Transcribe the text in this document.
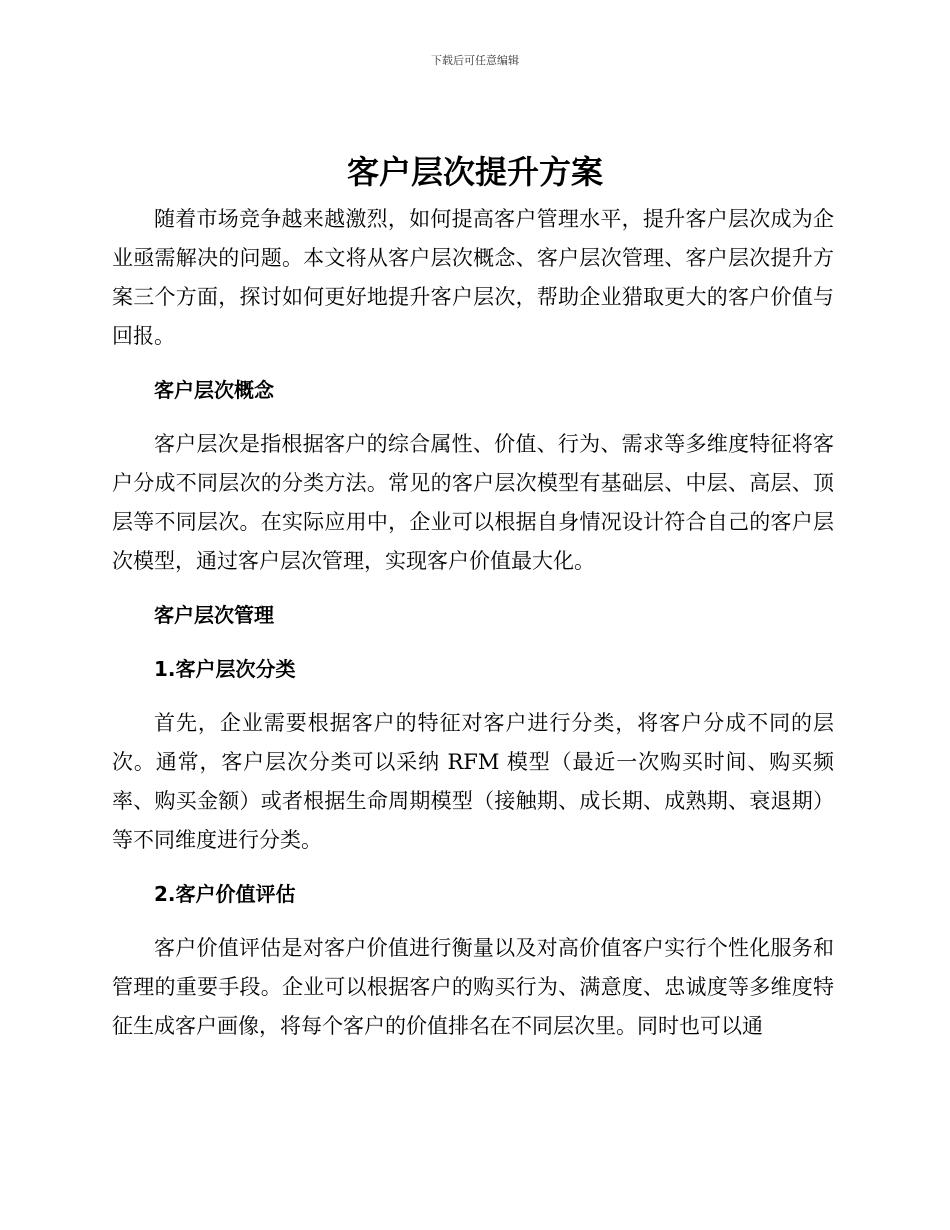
下载后可任意编辑
客户层次提升方案

随着市场竞争越来越激烈，如何提高客户管理水平，提升客户层次成为企业亟需解决的问题。本文将从客户层次概念、客户层次管理、客户层次提升方案三个方面，探讨如何更好地提升客户层次，帮助企业猎取更大的客户价值与回报。

客户层次概念

客户层次是指根据客户的综合属性、价值、行为、需求等多维度特征将客户分成不同层次的分类方法。常见的客户层次模型有基础层、中层、高层、顶层等不同层次。在实际应用中，企业可以根据自身情况设计符合自己的客户层次模型，通过客户层次管理，实现客户价值最大化。

客户层次管理
1.客户层次分类

首先，企业需要根据客户的特征对客户进行分类，将客户分成不同的层次。通常，客户层次分类可以采纳 RFM 模型（最近一次购买时间、购买频率、购买金额）或者根据生命周期模型（接触期、成长期、成熟期、衰退期）等不同维度进行分类。

2.客户价值评估

客户价值评估是对客户价值进行衡量以及对高价值客户实行个性化服务和管理的重要手段。企业可以根据客户的购买行为、满意度、忠诚度等多维度特征生成客户画像，将每个客户的价值排名在不同层次里。同时也可以通
